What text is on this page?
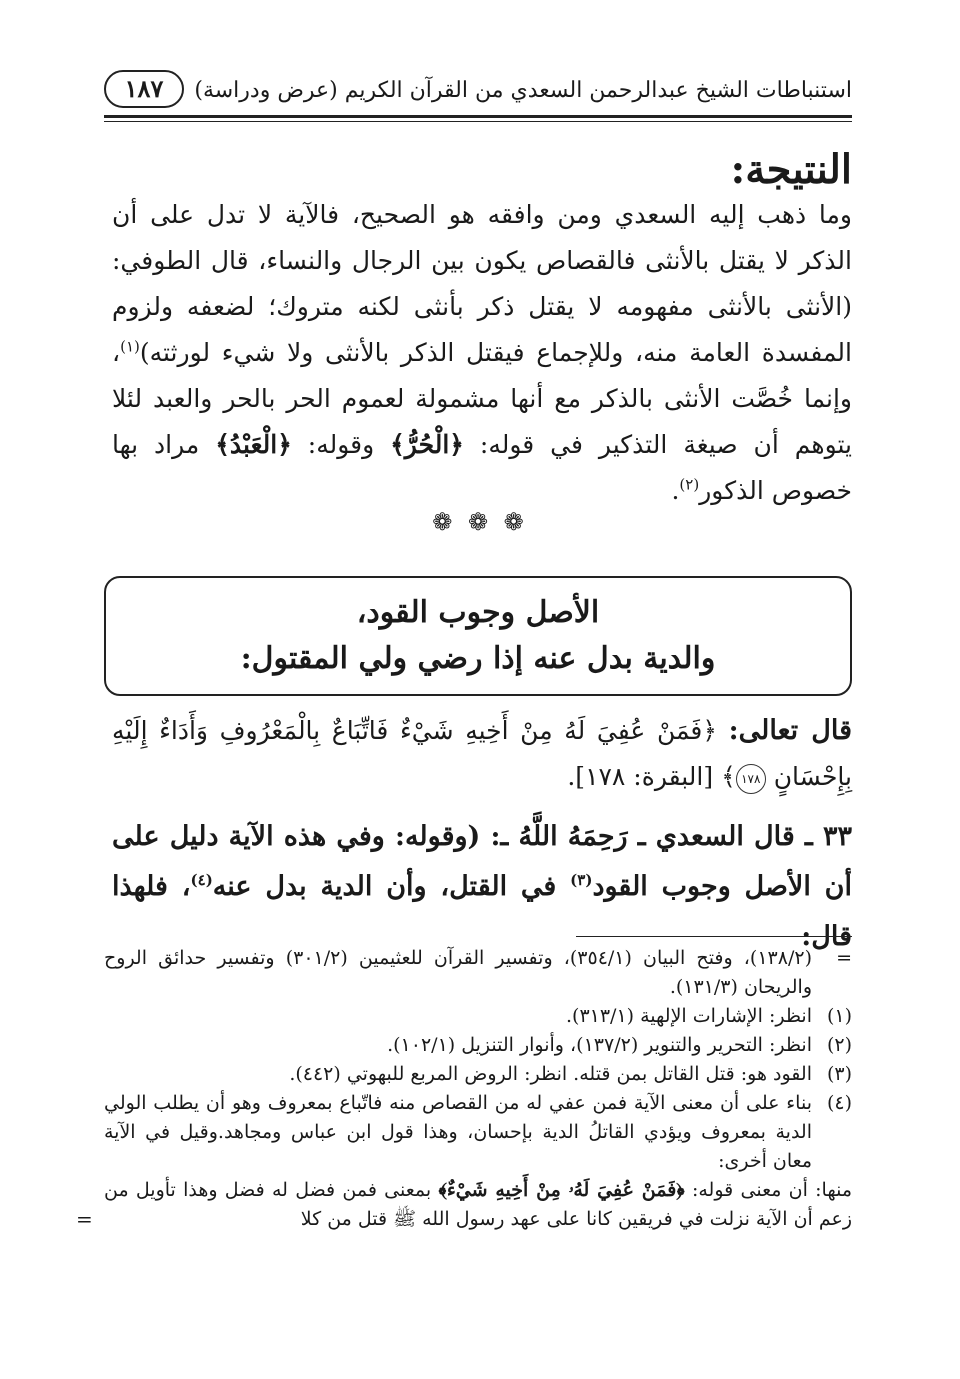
استنباطات الشيخ عبدالرحمن السعدي من القرآن الكريم (عرض ودراسة)
١٨٧
النتيجة:
وما ذهب إليه السعدي ومن وافقه هو الصحيح، فالآية لا تدل على أن الذكر لا يقتل بالأنثى فالقصاص يكون بين الرجال والنساء، قال الطوفي: (الأنثى بالأنثى مفهومه لا يقتل ذكر بأنثى لكنه متروك؛ لضعفه ولزوم المفسدة العامة منه، وللإجماع فيقتل الذكر بالأنثى ولا شيء لورثته)$^{(١)}$، وإنما خُصَّت الأنثى بالذكر مع أنها مشمولة لعموم الحر بالحر والعبد لئلا يتوهم أن صيغة التذكير في قوله: ﴿الْحُرُّ﴾ وقوله: ﴿الْعَبْدُ﴾ مراد بها خصوص الذكور$^{(٢)}$.
❁ ❁ ❁
الأصل وجوب القود،
والدية بدل عنه إذا رضي ولي المقتول:
قال تعالى: ﴿فَمَنْ عُفِيَ لَهُ مِنْ أَخِيهِ شَيْءٌ فَاتِّبَاعٌ بِالْمَعْرُوفِ وَأَدَاءٌ إِلَيْهِ بِإِحْسَانٍ ١٧٨﴾ [البقرة: ١٧٨].
٣٣ ـ قال السعدي ـ رَحِمَهُ اللَّهُ ـ: (وقوله: وفي هذه الآية دليل على أن الأصل وجوب القود$^{(٣)}$ في القتل، وأن الدية بدل عنه$^{(٤)}$، فلهذا قال:
=
(١٣٨/٢)، وفتح البيان (٣٥٤/١)، وتفسير القرآن للعثيمين (٣٠١/٢) وتفسير حدائق الروح والريحان (١٣١/٣).
(١)
انظر: الإشارات الإلهية (٣١٣/١).
(٢)
انظر: التحرير والتنوير (١٣٧/٢)، وأنوار التنزيل (١٠٢/١).
(٣)
القود هو: قتل القاتل بمن قتله. انظر: الروض المربع للبهوتي (٤٤٢).
(٤)
بناء على أن معنى الآية فمن عفي له من القصاص منه فاتّباع بمعروف وهو أن يطلب الولي الدية بمعروف ويؤدي القاتلُ الدية بإحسان، وهذا قول ابن عباس ومجاهد.وقيل في الآية معان أخرى:
منها: أن معنى قوله: ﴿فَمَنْ عُفِيَ لَهُۥ مِنْ أَخِيهِ شَيْءٌ﴾ بمعنى فمن فضل له فضل وهذا تأويل من زعم أن الآية نزلت في فريقين كانا على عهد رسول الله ﷺ قتل من كلا
=
